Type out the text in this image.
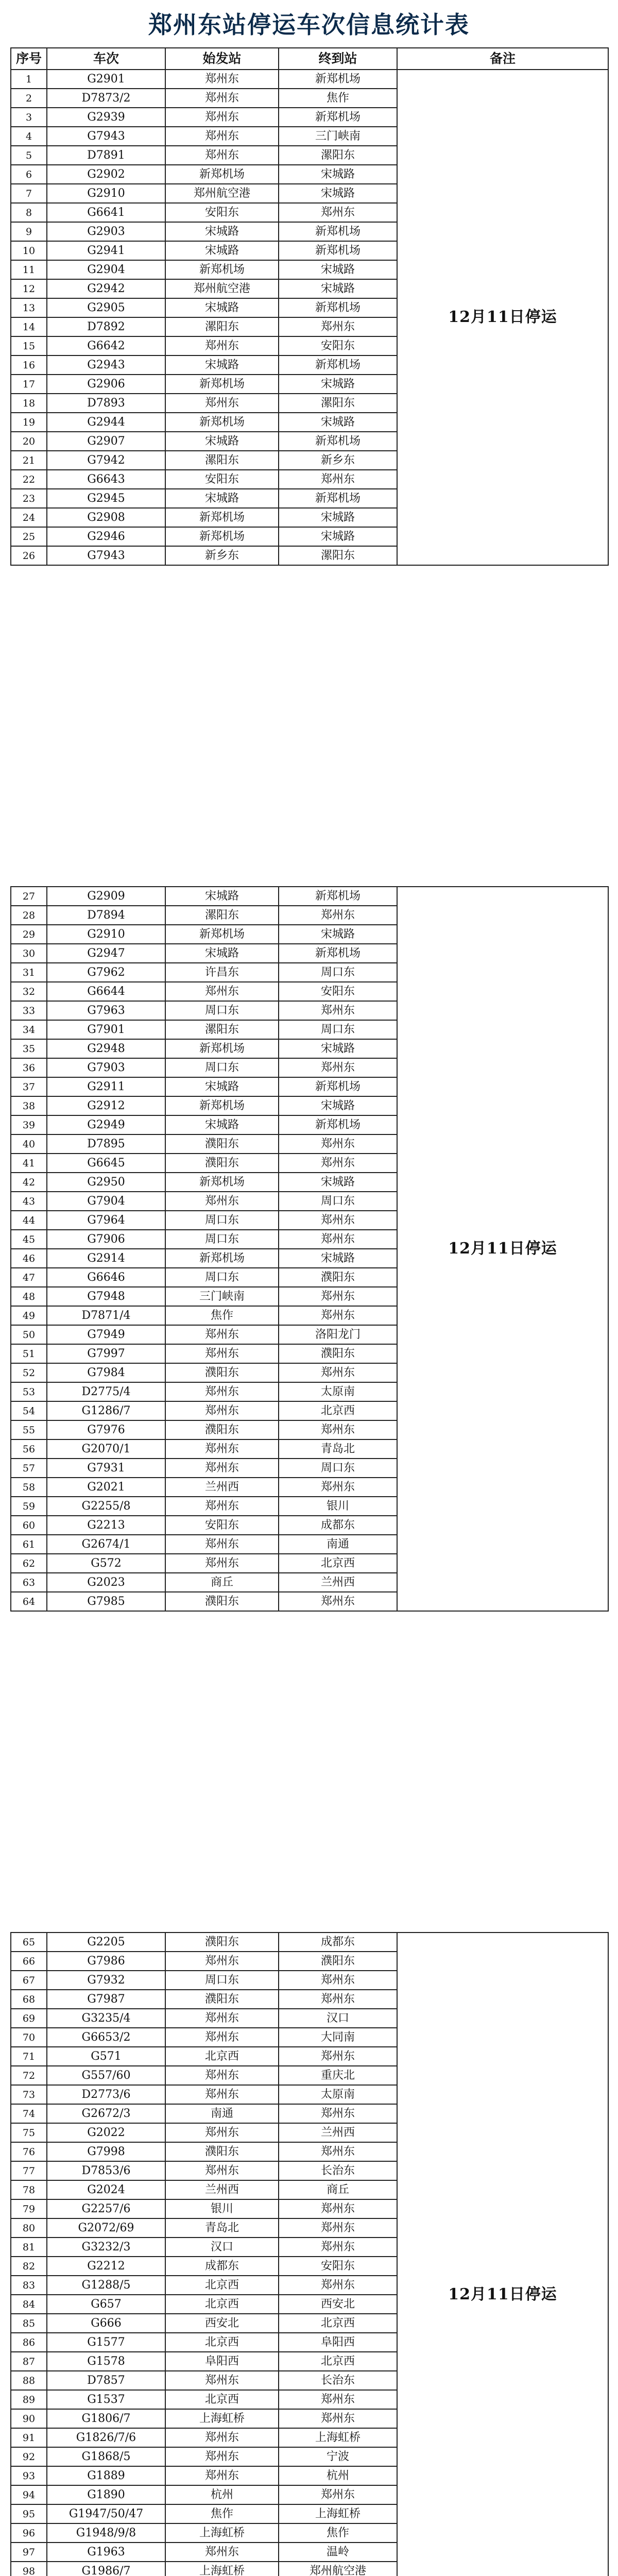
郑州东站停运车次信息统计表
序号	车次	始发站	终到站	备注
1	G2901	郑州东	新郑机场	12月11日停运
2	D7873/2	郑州东	焦作	
3	G2939	郑州东	新郑机场	
4	G7943	郑州东	三门峡南	
5	D7891	郑州东	漯阳东	
6	G2902	新郑机场	宋城路	
7	G2910	郑州航空港	宋城路	
8	G6641	安阳东	郑州东	
9	G2903	宋城路	新郑机场	
10	G2941	宋城路	新郑机场	
11	G2904	新郑机场	宋城路	
12	G2942	郑州航空港	宋城路	
13	G2905	宋城路	新郑机场	
14	D7892	漯阳东	郑州东	
15	G6642	郑州东	安阳东	
16	G2943	宋城路	新郑机场	
17	G2906	新郑机场	宋城路	
18	D7893	郑州东	漯阳东	
19	G2944	新郑机场	宋城路	
20	G2907	宋城路	新郑机场	
21	G7942	漯阳东	新乡东	
22	G6643	安阳东	郑州东	
23	G2945	宋城路	新郑机场	
24	G2908	新郑机场	宋城路	
25	G2946	新郑机场	宋城路	
26	G7943	新乡东	漯阳东	
27	G2909	宋城路	新郑机场	12月11日停运
28	D7894	漯阳东	郑州东	
29	G2910	新郑机场	宋城路	
30	G2947	宋城路	新郑机场	
31	G7962	许昌东	周口东	
32	G6644	郑州东	安阳东	
33	G7963	周口东	郑州东	
34	G7901	漯阳东	周口东	
35	G2948	新郑机场	宋城路	
36	G7903	周口东	郑州东	
37	G2911	宋城路	新郑机场	
38	G2912	新郑机场	宋城路	
39	G2949	宋城路	新郑机场	
40	D7895	濮阳东	郑州东	
41	G6645	濮阳东	郑州东	
42	G2950	新郑机场	宋城路	
43	G7904	郑州东	周口东	
44	G7964	周口东	郑州东	
45	G7906	周口东	郑州东	
46	G2914	新郑机场	宋城路	
47	G6646	周口东	濮阳东	
48	G7948	三门峡南	郑州东	
49	D7871/4	焦作	郑州东	
50	G7949	郑州东	洛阳龙门	
51	G7997	郑州东	濮阳东	
52	G7984	濮阳东	郑州东	
53	D2775/4	郑州东	太原南	
54	G1286/7	郑州东	北京西	
55	G7976	濮阳东	郑州东	
56	G2070/1	郑州东	青岛北	
57	G7931	郑州东	周口东	
58	G2021	兰州西	郑州东	
59	G2255/8	郑州东	银川	
60	G2213	安阳东	成都东	
61	G2674/1	郑州东	南通	
62	G572	郑州东	北京西	
63	G2023	商丘	兰州西	
64	G7985	濮阳东	郑州东	
65	G2205	濮阳东	成都东	12月11日停运
66	G7986	郑州东	濮阳东	
67	G7932	周口东	郑州东	
68	G7987	濮阳东	郑州东	
69	G3235/4	郑州东	汉口	
70	G6653/2	郑州东	大同南	
71	G571	北京西	郑州东	
72	G557/60	郑州东	重庆北	
73	D2773/6	郑州东	太原南	
74	G2672/3	南通	郑州东	
75	G2022	郑州东	兰州西	
76	G7998	濮阳东	郑州东	
77	D7853/6	郑州东	长治东	
78	G2024	兰州西	商丘	
79	G2257/6	银川	郑州东	
80	G2072/69	青岛北	郑州东	
81	G3232/3	汉口	郑州东	
82	G2212	成都东	安阳东	
83	G1288/5	北京西	郑州东	
84	G657	北京西	西安北	
85	G666	西安北	北京西	
86	G1577	北京西	阜阳西	
87	G1578	阜阳西	北京西	
88	D7857	郑州东	长治东	
89	G1537	北京西	郑州东	
90	G1806/7	上海虹桥	郑州东	
91	G1826/7/6	郑州东	上海虹桥	
92	G1868/5	郑州东	宁波	
93	G1889	郑州东	杭州	
94	G1890	杭州	郑州东	
95	G1947/50/47	焦作	上海虹桥	
96	G1948/9/8	上海虹桥	焦作	
97	G1963	郑州东	温岭	
98	G1986/7	上海虹桥	郑州航空港	
